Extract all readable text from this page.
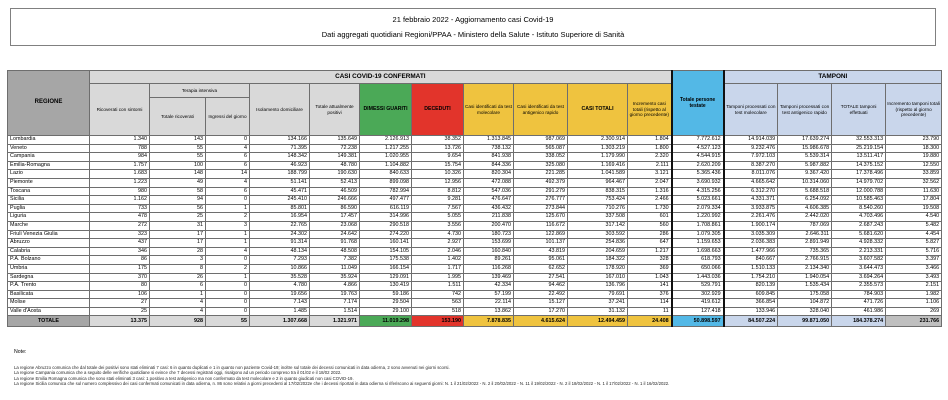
21 febbraio 2022 - Aggiornamento casi Covid-19
Dati aggregati quotidiani Regioni/PPAA - Ministero della Salute - Istituto Superiore di Sanità
REGIONE	CASI COVID-19 CONFERMATI											Totale persone testate	TAMPONI			
	Ricoverati con sintomi	Terapia intensiva		Isolamento domiciliare	Totale attualmente positivi	DIMESSI GUARITI	DECEDUTI	Casi identificati da test molecolare	Casi identificati da test antigenico rapido	CASI TOTALI	Incremento casi totali (rispetto al giorno precedente)		Tamponi processati con test molecolare	Tamponi processati con test antigenico rapido	TOTALE tamponi effettuati	Incremento tamponi totali (rispetto al giorno precedente)
		Totale ricoverati	Ingressi del giorno													
Lombardia	1.340	143	0	134.166	135.649	2.126.913	38.352	1.313.845	987.069	2.300.914	1.804	7.772.612	14.914.039	17.639.274	32.553.313	23.790
Veneto	788	55	4	71.395	72.238	1.217.255	13.726	738.132	565.087	1.303.219	1.800	4.527.123	9.232.476	15.986.678	25.219.154	18.300
Campania	984	55	6	148.342	149.381	1.020.955	9.654	841.938	338.052	1.179.990	2.320	4.544.915	7.972.103	5.539.314	13.511.417	19.880
Emilia-Romagna	1.757	100	6	46.923	48.780	1.104.882	15.754	844.336	325.080	1.169.416	2.111	2.620.209	8.387.270	5.987.882	14.375.152	12.550
Lazio	1.683	148	14	188.799	190.630	840.633	10.326	820.304	221.285	1.041.589	3.121	5.365.436	8.011.076	9.367.420	17.378.496	33.859
Piemonte	1.223	49	4	51.141	52.413	899.098	12.956	472.088	492.379	964.467	2.047	3.690.932	4.665.642	10.314.060	14.979.702	32.562
Toscana	980	58	6	45.471	46.509	782.994	8.812	547.036	291.279	838.315	1.316	4.315.256	6.312.270	5.688.518	12.000.788	11.630
Sicilia	1.162	94	0	245.410	246.666	497.477	9.281	476.647	276.777	753.424	2.466	5.023.661	4.331.371	6.254.092	10.585.463	17.804
Puglia	733	56	1	85.801	86.590	616.119	7.567	436.432	273.844	710.276	1.730	2.079.334	3.933.875	4.606.385	8.540.260	19.508
Liguria	478	25	2	16.954	17.457	314.996	5.055	211.838	125.670	337.508	601	1.220.992	2.261.476	2.442.020	4.703.496	4.540
Marche	272	31	3	22.765	23.068	290.518	3.556	200.470	116.672	317.142	560	1.708.861	1.900.174	787.069	2.687.243	5.482
Friuli Venezia Giulia	323	17	1	24.302	24.642	274.220	4.730	180.723	122.869	303.592	286	1.079.305	3.035.309	2.646.311	5.681.620	4.454
Abruzzo	437	17	1	91.314	91.768	160.141	2.927	153.699	101.137	254.836	647	1.159.653	2.036.383	2.891.949	4.928.332	5.827
Calabria	346	28	4	48.134	48.508	154.105	2.046	160.840	43.819	204.659	1.217	1.698.663	1.477.966	735.365	2.213.331	5.716
P.A. Bolzano	86	3	0	7.293	7.382	175.538	1.402	89.261	95.061	184.322	328	618.793	840.667	2.766.915	3.607.582	3.397
Umbria	175	8	2	10.866	11.049	166.154	1.717	116.268	62.652	178.920	369	650.066	1.510.133	2.134.340	3.644.473	3.466
Sardegna	370	26	1	35.528	35.924	129.091	1.995	139.469	27.541	167.010	1.043	1.443.036	1.754.210	1.940.054	3.694.264	3.493
P.A. Trento	80	6	0	4.780	4.866	130.419	1.511	42.334	94.462	136.796	141	529.791	820.139	1.535.434	2.355.573	2.151
Basilicata	106	1	0	19.656	19.763	59.186	742	57.199	22.492	79.691	376	302.929	609.845	175.058	784.903	1.982
Molise	27	4	0	7.143	7.174	29.504	563	22.114	15.127	37.241	114	419.612	366.854	104.872	471.726	1.106
Valle d'Aosta	25	4	0	1.485	1.514	29.100	518	13.862	17.270	31.132	11	127.418	133.946	328.040	461.986	269
TOTALE	13.375	928	55	1.307.668	1.321.971	11.019.298	153.190	7.878.835	4.615.624	12.494.459	24.408	50.898.597	84.507.224	99.871.050	184.378.274	231.766
Note:
La regione Abruzzo comunica che dal totale dei positivi sono stati eliminati 7 casi: 6 in quanto duplicati e 1 in quanto non paziente Covid-19; inoltre sul totale dei decessi comunicati in data odierna, 2 sono avvenuti nei giorni scorsi.
La regione Campania comunica che a seguito delle verifiche quotidiane si evince che 7 decessi registrati oggi, risalgono ad un periodo compreso tra il 01/02 e il 18/02 2022.
La regione Emilia Romagna comunica che sono stati eliminati 3 casi: 1 positivo a test antigenico ma non confermato da test molecolare e 2 in quanto giudicati non casi COVID-19.
La regione Sicilia comunica che sul numero complessivo dei casi confermati comunicati in data odierna, n. 86 sono relativi a giorni precedenti al 17/02/2022e che i decessi riportati in data odierna si riferiscono ai seguenti giorni: N. 1 il 21/02/2022 - N. 2 il 20/02/2022 - N. 11 il 19/02/2022 - N. 2 il 18/02/2022 - N. 1 il 17/02/2022 - N. 1 il 16/02/2022.
